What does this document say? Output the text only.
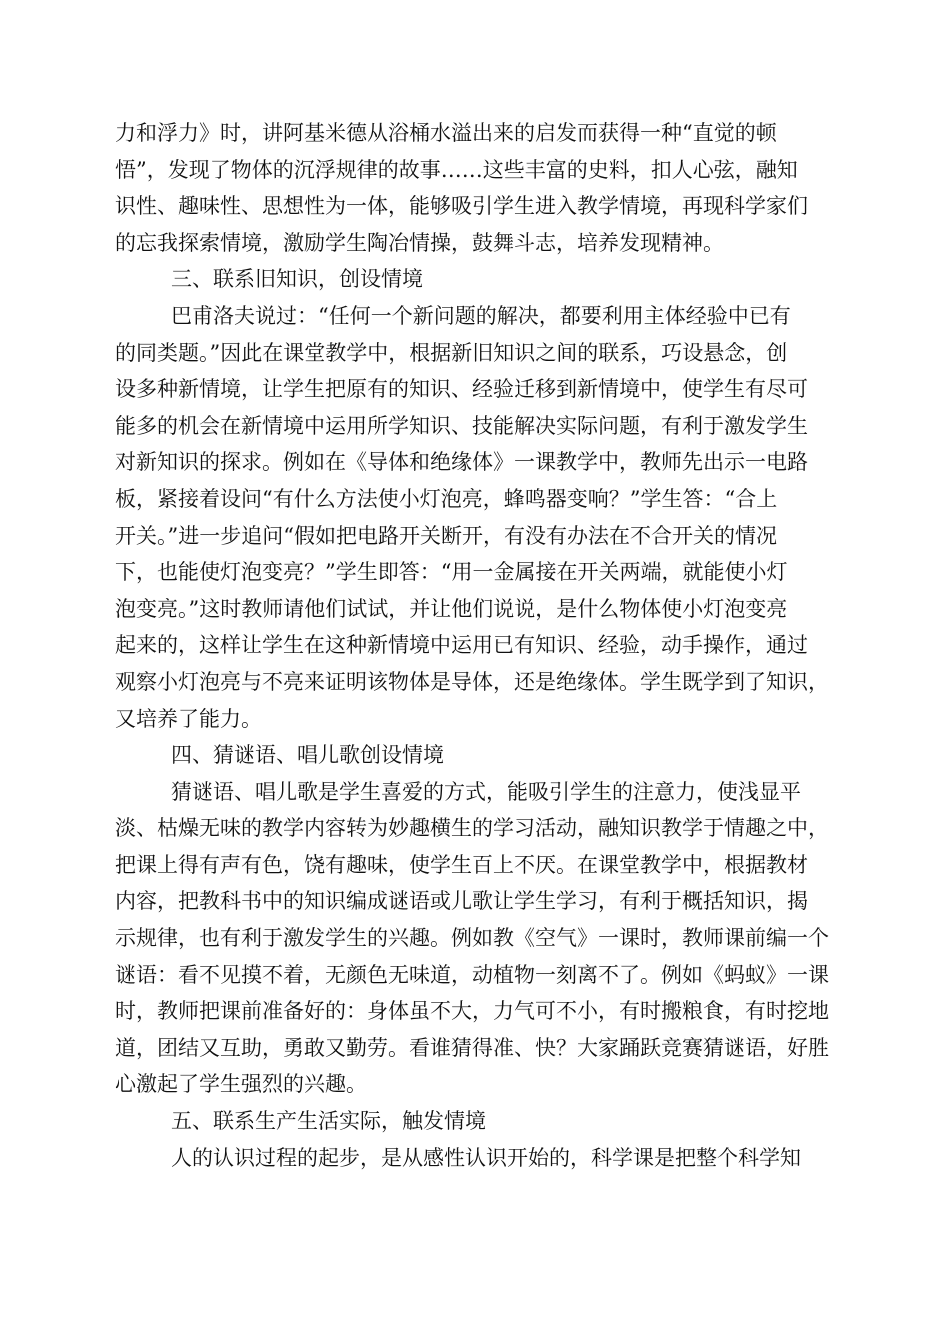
力和浮力》时，讲阿基米德从浴桶水溢出来的启发而获得一种“直觉的顿
悟”，发现了物体的沉浮规律的故事……这些丰富的史料，扣人心弦，融知
识性、趣味性、思想性为一体，能够吸引学生进入教学情境，再现科学家们
的忘我探索情境，激励学生陶冶情操，鼓舞斗志，培养发现精神。
三、联系旧知识，创设情境
巴甫洛夫说过：“任何一个新问题的解决，都要利用主体经验中已有
的同类题。”因此在课堂教学中，根据新旧知识之间的联系，巧设悬念，创
设多种新情境，让学生把原有的知识、经验迁移到新情境中，使学生有尽可
能多的机会在新情境中运用所学知识、技能解决实际问题，有利于激发学生
对新知识的探求。例如在《导体和绝缘体》一课教学中，教师先出示一电路
板，紧接着设问“有什么方法使小灯泡亮，蜂鸣器变响？”学生答：“合上
开关。”进一步追问“假如把电路开关断开，有没有办法在不合开关的情况
下，也能使灯泡变亮？”学生即答：“用一金属接在开关两端，就能使小灯
泡变亮。”这时教师请他们试试，并让他们说说，是什么物体使小灯泡变亮
起来的，这样让学生在这种新情境中运用已有知识、经验，动手操作，通过
观察小灯泡亮与不亮来证明该物体是导体，还是绝缘体。学生既学到了知识，
又培养了能力。
四、猜谜语、唱儿歌创设情境
猜谜语、唱儿歌是学生喜爱的方式，能吸引学生的注意力，使浅显平
淡、枯燥无味的教学内容转为妙趣横生的学习活动，融知识教学于情趣之中，
把课上得有声有色，饶有趣味，使学生百上不厌。在课堂教学中，根据教材
内容，把教科书中的知识编成谜语或儿歌让学生学习，有利于概括知识，揭
示规律，也有利于激发学生的兴趣。例如教《空气》一课时，教师课前编一个
谜语：看不见摸不着，无颜色无味道，动植物一刻离不了。例如《蚂蚁》一课
时，教师把课前准备好的：身体虽不大，力气可不小，有时搬粮食，有时挖地
道，团结又互助，勇敢又勤劳。看谁猜得准、快？大家踊跃竞赛猜谜语，好胜
心激起了学生强烈的兴趣。
五、联系生产生活实际，触发情境
人的认识过程的起步，是从感性认识开始的，科学课是把整个科学知
